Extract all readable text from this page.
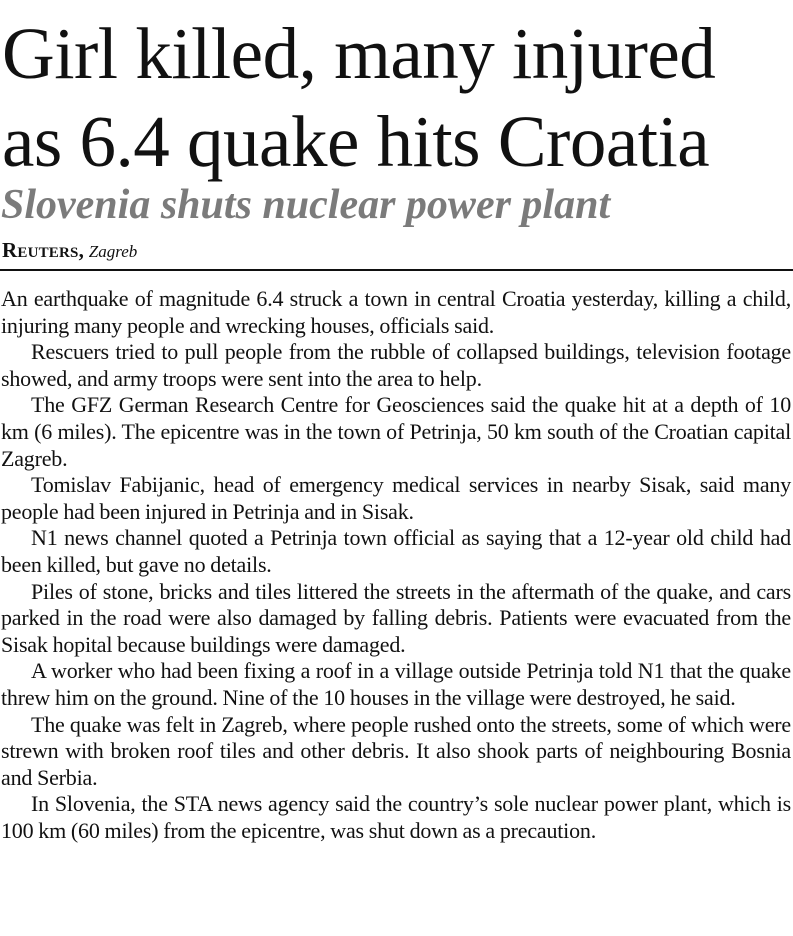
Girl killed, many injured as 6.4 quake hits Croatia
Slovenia shuts nuclear power plant
Reuters, Zagreb

An earthquake of magnitude 6.4 struck a town in central Croatia yesterday, killing a child, injuring many people and wrecking houses, officials said.

Rescuers tried to pull people from the rubble of collapsed buildings, television footage showed, and army troops were sent into the area to help.

The GFZ German Research Centre for Geosciences said the quake hit at a depth of 10 km (6 miles). The epicentre was in the town of Petrinja, 50 km south of the Croatian capital Zagreb.

Tomislav Fabijanic, head of emergency medical services in nearby Sisak, said many people had been injured in Petrinja and in Sisak.

N1 news channel quoted a Petrinja town official as saying that a 12-year old child had been killed, but gave no details.

Piles of stone, bricks and tiles littered the streets in the aftermath of the quake, and cars parked in the road were also damaged by falling debris. Patients were evacuated from the Sisak hopital because buildings were damaged.

A worker who had been fixing a roof in a village outside Petrinja told N1 that the quake threw him on the ground. Nine of the 10 houses in the village were destroyed, he said.

The quake was felt in Zagreb, where people rushed onto the streets, some of which were strewn with broken roof tiles and other debris. It also shook parts of neighbouring Bosnia and Serbia.

In Slovenia, the STA news agency said the country’s sole nuclear power plant, which is 100 km (60 miles) from the epicentre, was shut down as a precaution.
